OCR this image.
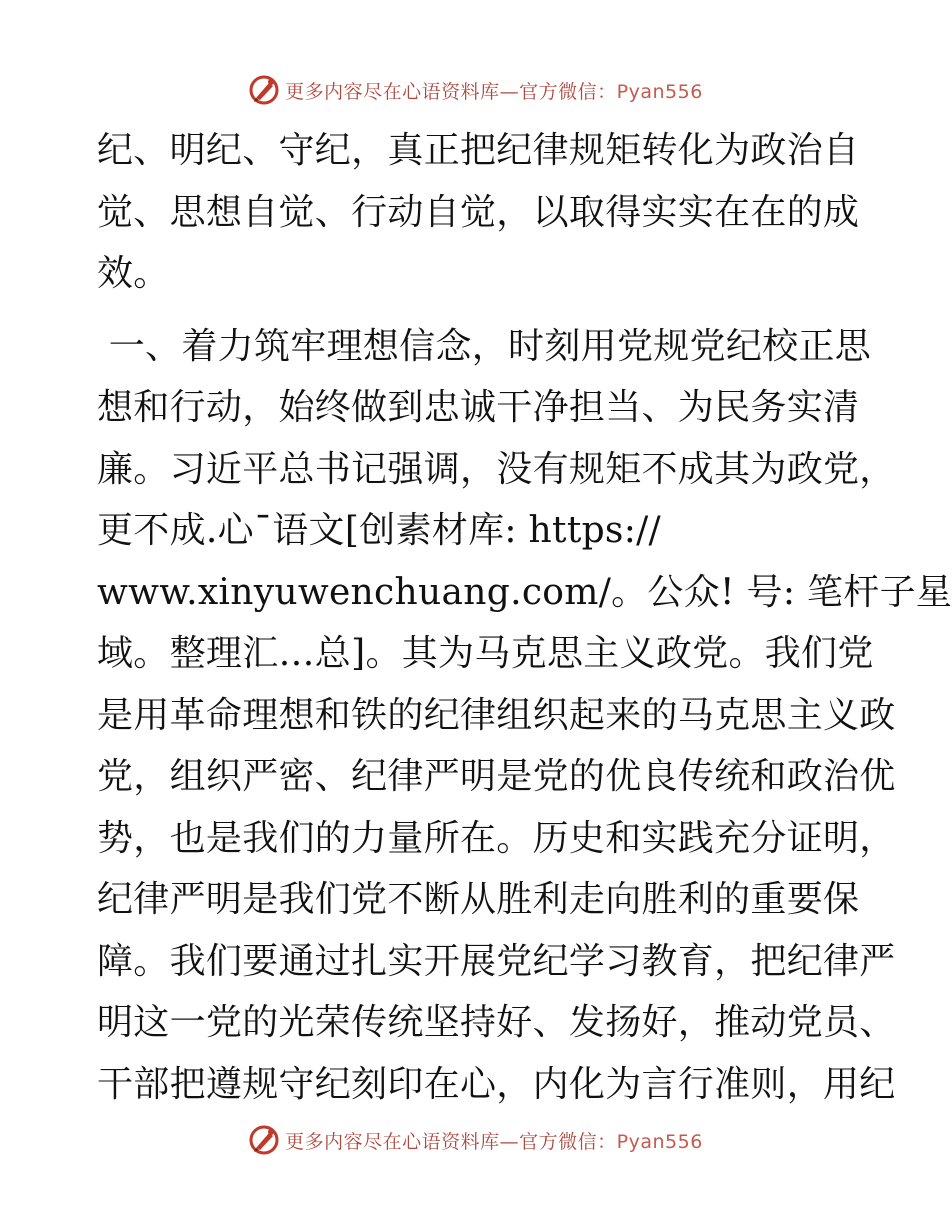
更多内容尽在心语资料库—官方微信：Pyan556
纪、明纪、守纪，真正把纪律规矩转化为政治自
觉、思想自觉、行动自觉，以取得实实在在的成
效。
一、着力筑牢理想信念，时刻用党规党纪校正思
想和行动，始终做到忠诚干净担当、为民务实清
廉。习近平总书记强调，没有规矩不成其为政党，
更不成.心¯语文[创素材库: https://
www.xinyuwenchuang.com/。公众! 号: 笔杆子星
域。整理汇…总]。其为马克思主义政党。我们党
是用革命理想和铁的纪律组织起来的马克思主义政
党，组织严密、纪律严明是党的优良传统和政治优
势，也是我们的力量所在。历史和实践充分证明，
纪律严明是我们党不断从胜利走向胜利的重要保
障。我们要通过扎实开展党纪学习教育，把纪律严
明这一党的光荣传统坚持好、发扬好，推动党员、
干部把遵规守纪刻印在心，内化为言行准则，用纪
更多内容尽在心语资料库—官方微信：Pyan556
